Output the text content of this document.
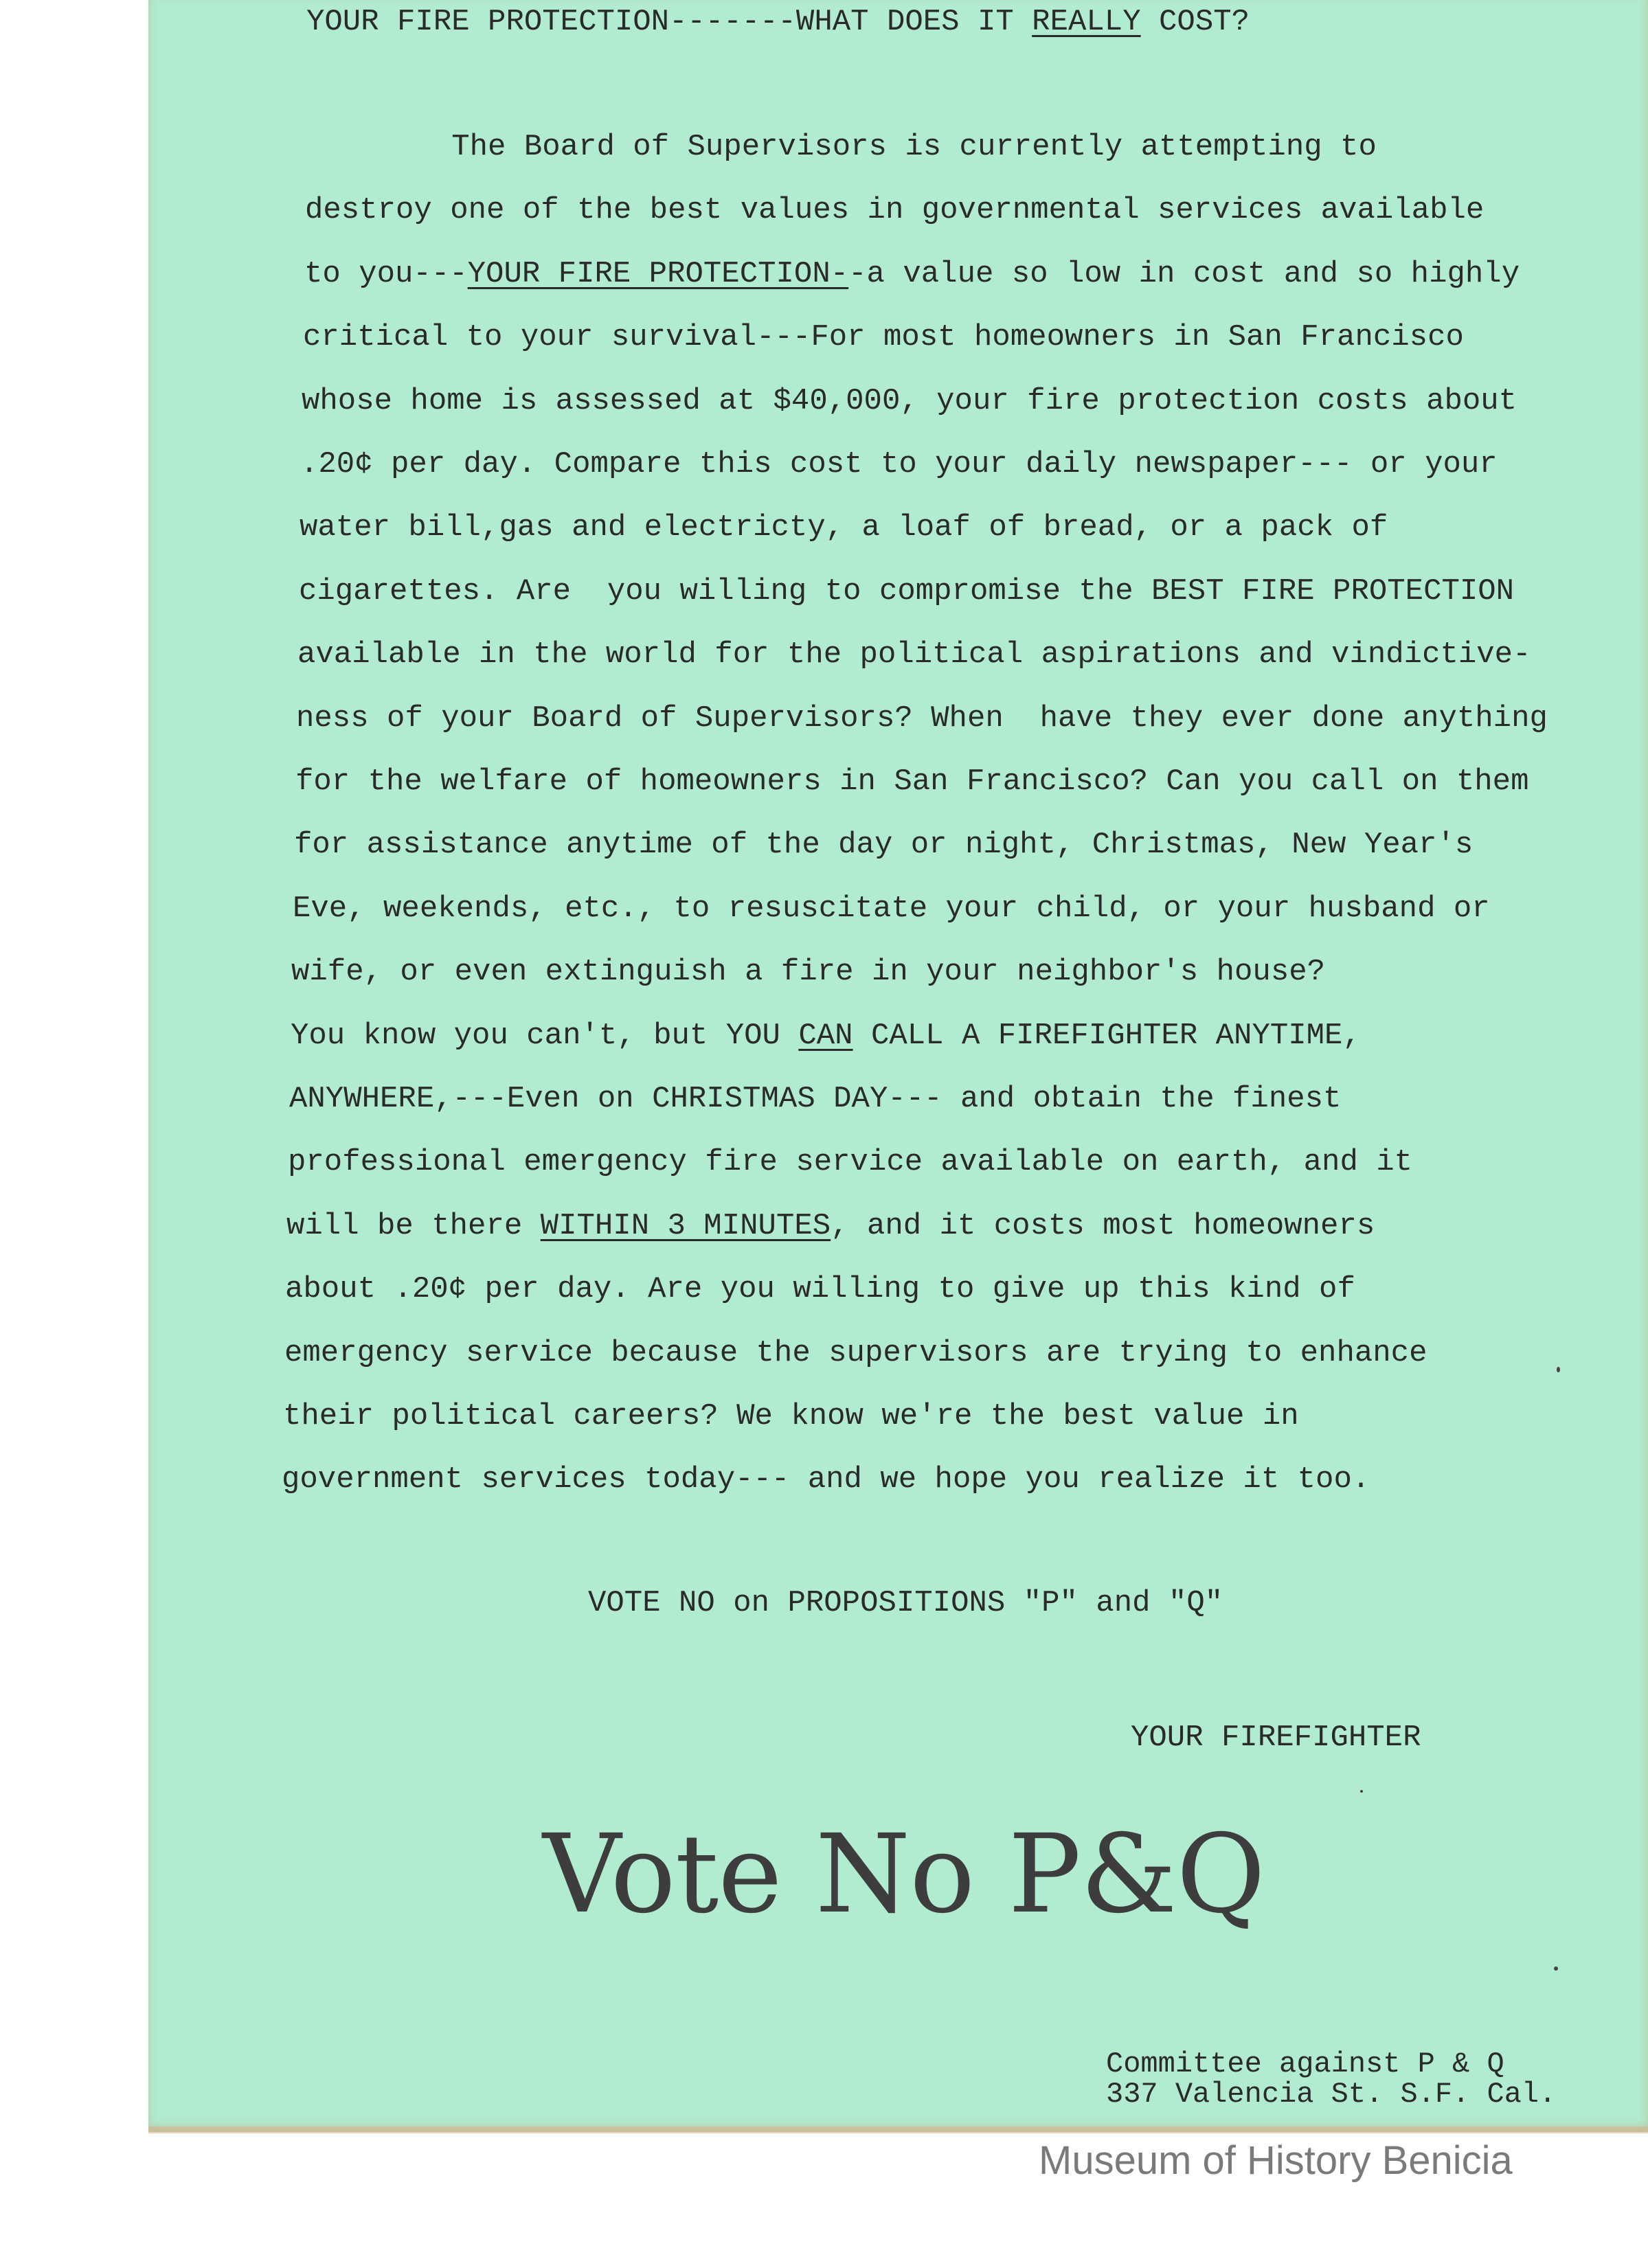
YOUR FIRE PROTECTION-------WHAT DOES IT REALLY COST?
The Board of Supervisors is currently attempting to
destroy one of the best values in governmental services available
to you---YOUR FIRE PROTECTION--a value so low in cost and so highly
critical to your survival---For most homeowners in San Francisco
whose home is assessed at $40,000, your fire protection costs about
.20¢ per day. Compare this cost to your daily newspaper--- or your
water bill,gas and electricty, a loaf of bread, or a pack of
cigarettes. Are  you willing to compromise the BEST FIRE PROTECTION
available in the world for the political aspirations and vindictive-
ness of your Board of Supervisors? When  have they ever done anything
for the welfare of homeowners in San Francisco? Can you call on them
for assistance anytime of the day or night, Christmas, New Year's
Eve, weekends, etc., to resuscitate your child, or your husband or
wife, or even extinguish a fire in your neighbor's house?
You know you can't, but YOU CAN CALL A FIREFIGHTER ANYTIME,
ANYWHERE,---Even on CHRISTMAS DAY--- and obtain the finest
professional emergency fire service available on earth, and it
will be there WITHIN 3 MINUTES, and it costs most homeowners
about .20¢ per day. Are you willing to give up this kind of
emergency service because the supervisors are trying to enhance
their political careers? We know we're the best value in
government services today--- and we hope you realize it too.
VOTE NO on PROPOSITIONS "P" and "Q"
YOUR FIREFIGHTER
Vote No P&Q
Committee against P & Q
337 Valencia St. S.F. Cal.
Museum of History Benicia
